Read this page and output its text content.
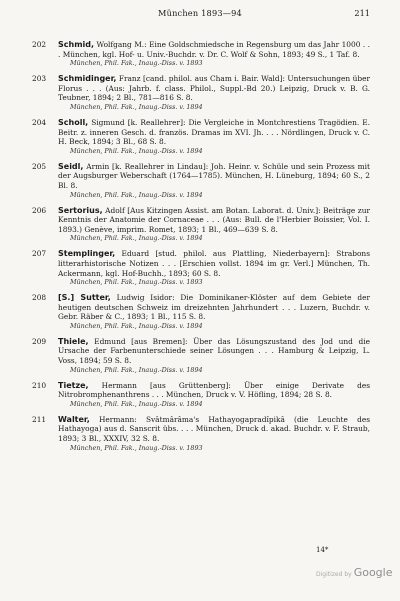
München 1893—94	211
202 Schmid, Wolfgang M.: Eine Goldschmiedsche in Regensburg um das Jahr 1000 . . . München, kgl. Hof- u. Univ.-Buchdr. v. Dr. C. Wolf & Sohn, 1893; 49 S., 1 Taf. 8.
München, Phil. Fak., Inaug.-Diss. v. 1893
203 Schmidinger, Franz [cand. philol. aus Cham i. Bair. Wald]: Untersuchungen über Florus . . . (Aus: Jahrb. f. class. Philol., Suppl.-Bd 20.) Leipzig, Druck v. B. G. Teubner, 1894; 2 Bl., 781—816 S. 8.
München, Phil. Fak., Inaug.-Diss. v. 1894
204 Scholl, Sigmund [k. Reallehrer]: Die Vergleiche in Montchrestiens Tragödien. E. Beitr. z. inneren Gesch. d. französ. Dramas im XVI. Jh. . . . Nördlingen, Druck v. C. H. Beck, 1894; 3 Bl., 68 S. 8.
München, Phil. Fak., Inaug.-Diss. v. 1894
205 Seidl, Armin [k. Reallehrer in Lindau]: Joh. Heinr. v. Schüle und sein Prozess mit der Augsburger Weberschaft (1764—1785). München, H. Lüneburg, 1894; 60 S., 2 Bl. 8.
München, Phil. Fak., Inaug.-Diss. v. 1894
206 Sertorius, Adolf [Aus Kitzingen Assist. am Botan. Laborat. d. Univ.]: Beiträge zur Kenntnis der Anatomie der Cornaceae . . . (Aus: Bull. de l'Herbier Boissier, Vol. I. 1893.) Genève, imprim. Romet, 1893; 1 Bl., 469—639 S. 8.
München, Phil. Fak., Inaug.-Diss. v. 1894
207 Stemplinger, Eduard [stud. philol. aus Plattling, Niederbayern]: Strabons litterarhistorische Notizen . . . [Erschien vollst. 1894 im gr. Verl.] München, Th. Ackermann, kgl. Hof-Buchh., 1893; 60 S. 8.
München, Phil. Fak., Inaug.-Diss. v. 1893
208 [S.] Sutter, Ludwig Isidor: Die Dominikaner-Klöster auf dem Gebiete der heutigen deutschen Schweiz im dreizehnten Jahrhundert . . . Luzern, Buchdr. v. Gebr. Räber & C., 1893; 1 Bl., 115 S. 8.
München, Phil. Fak., Inaug.-Diss. v. 1894
209 Thiele, Edmund [aus Bremen]: Über das Lösungszustand des Jod und die Ursache der Farbenunterschiede seiner Lösungen . . . Hamburg & Leipzig, L. Voss, 1894; 59 S. 8.
München, Phil. Fak., Inaug.-Diss. v. 1894
210 Tietze, Hermann [aus Grüttenberg]: Über einige Derivate des Nitrobromphenanthrens . . . München, Druck v. V. Höfling, 1894; 28 S. 8.
München, Phil. Fak., Inaug.-Diss. v. 1894
211 Walter, Hermann: Svâtmârâma's Hathayogapradîpikâ (die Leuchte des Hathayoga) aus d. Sanscrit übs. . . . München, Druck d. akad. Buchdr. v. F. Straub, 1893; 3 Bl., XXXIV, 32 S. 8.
München, Phil. Fak., Inaug.-Diss. v. 1893
14*
Digitized by Google
